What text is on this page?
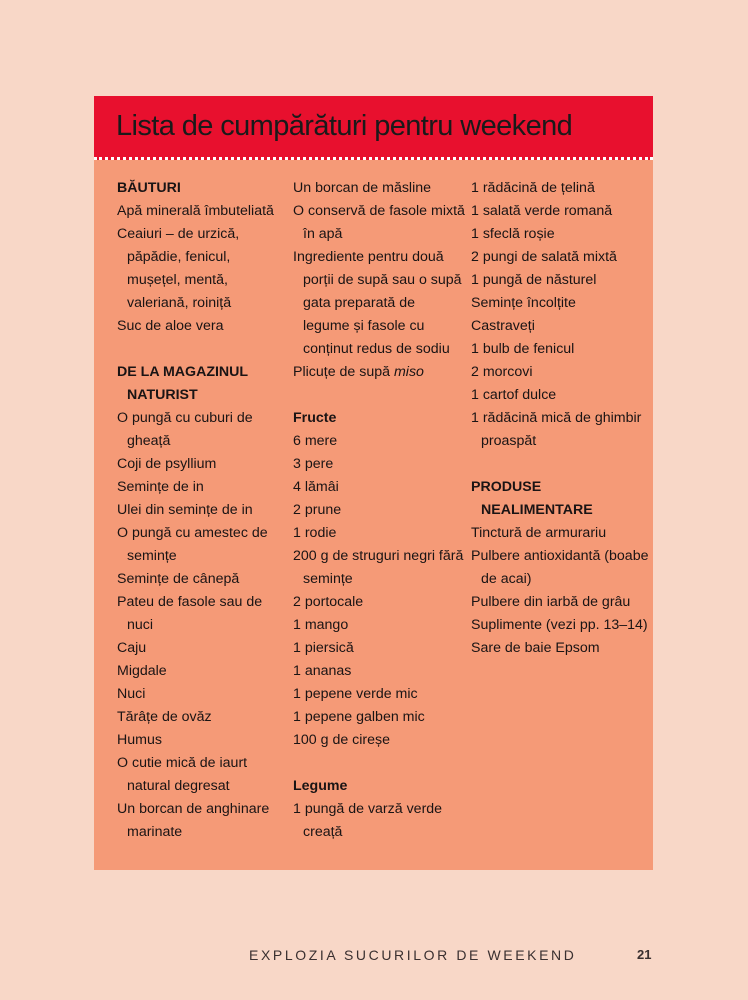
Lista de cumpărături pentru weekend
BĂUTURI

Apă minerală îmbuteliată

Ceaiuri – de urzică, păpădie, fenicul, mușețel, mentă, valeriană, roiniță

Suc de aloe vera

DE LA MAGAZINUL NATURIST

O pungă cu cuburi de gheață

Coji de psyllium

Semințe de in

Ulei din semințe de in

O pungă cu amestec de semințe

Semințe de cânepă

Pateu de fasole sau de nuci

Caju

Migdale

Nuci

Tărâțe de ovăz

Humus

O cutie mică de iaurt natural degresat

Un borcan de anghinare marinate

Un borcan de măsline

O conservă de fasole mixtă în apă

Ingrediente pentru două porții de supă sau o supă gata preparată de legume și fasole cu conținut redus de sodiu

Plicuțe de supă miso

Fructe

6 mere

3 pere

4 lămâi

2 prune

1 rodie

200 g de struguri negri fără semințe

2 portocale

1 mango

1 piersică

1 ananas

1 pepene verde mic

1 pepene galben mic

100 g de cireșe

Legume

1 pungă de varză verde creață

1 rădăcină de țelină

1 salată verde romană

1 sfeclă roșie

2 pungi de salată mixtă

1 pungă de năsturel

Semințe încolțite

Castraveți

1 bulb de fenicul

2 morcovi

1 cartof dulce

1 rădăcină mică de ghimbir proaspăt

PRODUSE NEALIMENTARE

Tinctură de armurariu

Pulbere antioxidantă (boabe de acai)

Pulbere din iarbă de grâu

Suplimente (vezi pp. 13–14)

Sare de baie Epsom

EXPLOZIA SUCURILOR DE WEEKEND	21
